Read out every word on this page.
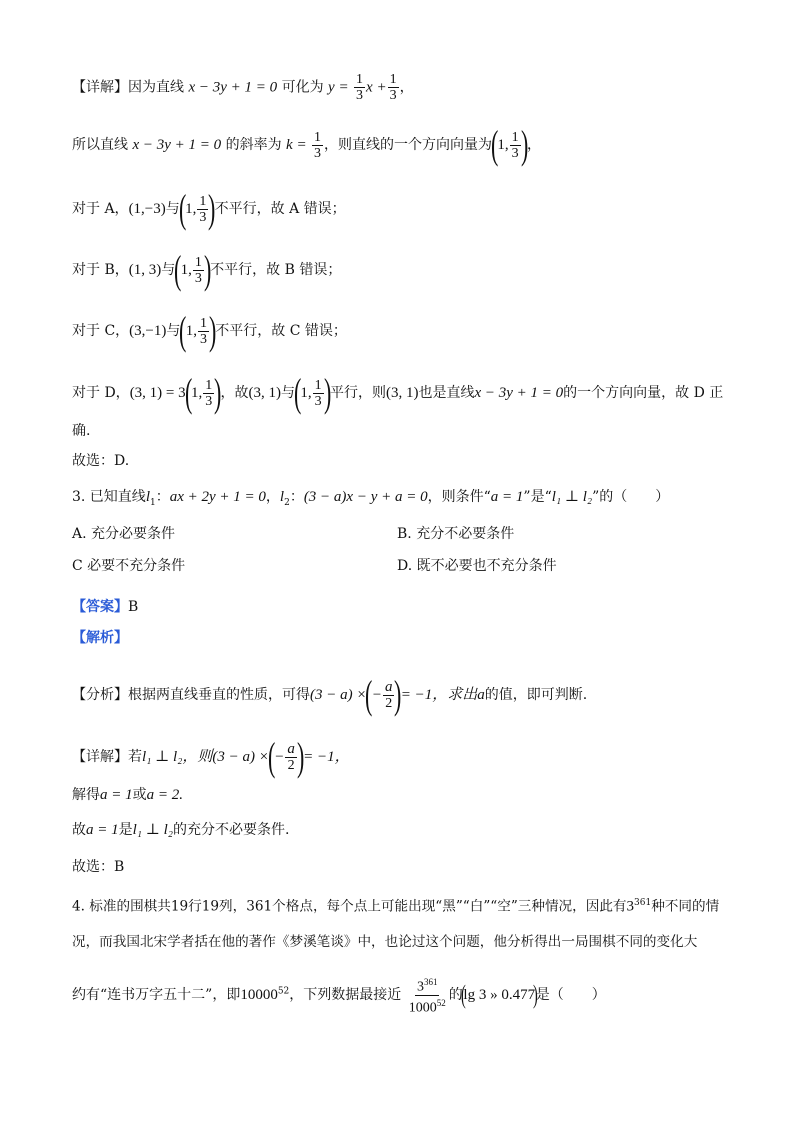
【详解】因为直线 x − 3y + 1 = 0 可化为 $y = \frac{1}{3}$ $x + \frac{1}{3}$ ，
所以直线 x − 3y + 1 = 0 的斜率为 $k = \frac{1}{3}$ ，则直线的一个方向向量为(1, $\frac{1}{3}$ )，
对于 A，(1,−3)与(1, $\frac{1}{3}$ )不平行，故 A 错误；
对于 B，(1, 3)与(1, $\frac{1}{3}$ )不平行，故 B 错误；
对于 C，(3,−1)与(1, $\frac{1}{3}$ )不平行，故 C 错误；
对于 D，(3, 1) = 3(1, $\frac{1}{3}$ )，故(3, 1)与(1, $\frac{1}{3}$ )平行，则(3, 1)也是直线x − 3y + 1 = 0的一个方向向量，故 D 正
确.
故选：D.
3. 已知直线$l_1$：ax + 2y + 1 = 0，$l_2$：(3 − a)x − y + a = 0，则条件“a = 1”是“l₁ ⊥ l₂”的（　　）
A. 充分必要条件	B. 充分不必要条件
C 必要不充分条件	D. 既不必要也不充分条件
【答案】B
【解析】
【分析】根据两直线垂直的性质，可得(3 − a) ×(− $\frac{a}{2}$ )= −1，求出a的值，即可判断.
【详解】若l₁ ⊥ l₂，则(3 − a) ×(− $\frac{a}{2}$ )= −1，
解得a = 1或a = 2.
故a = 1是l₁ ⊥ l₂的充分不必要条件.
故选：B
4. 标准的围棋共19行19列，361个格点，每个点上可能出现“黑”“白”“空”三种情况，因此有$3^{361}$种不同的情
况，而我国北宋学者括在他的著作《梦溪笔谈》中，也论过这个问题，他分析得出一局围棋不同的变化大
约有“连书万字五十二”，即10000$^{52}$，下列数据最接近 $\frac{3^{361}}{1000^{52}}$ 的(lg 3 » 0.477)是（　　）
